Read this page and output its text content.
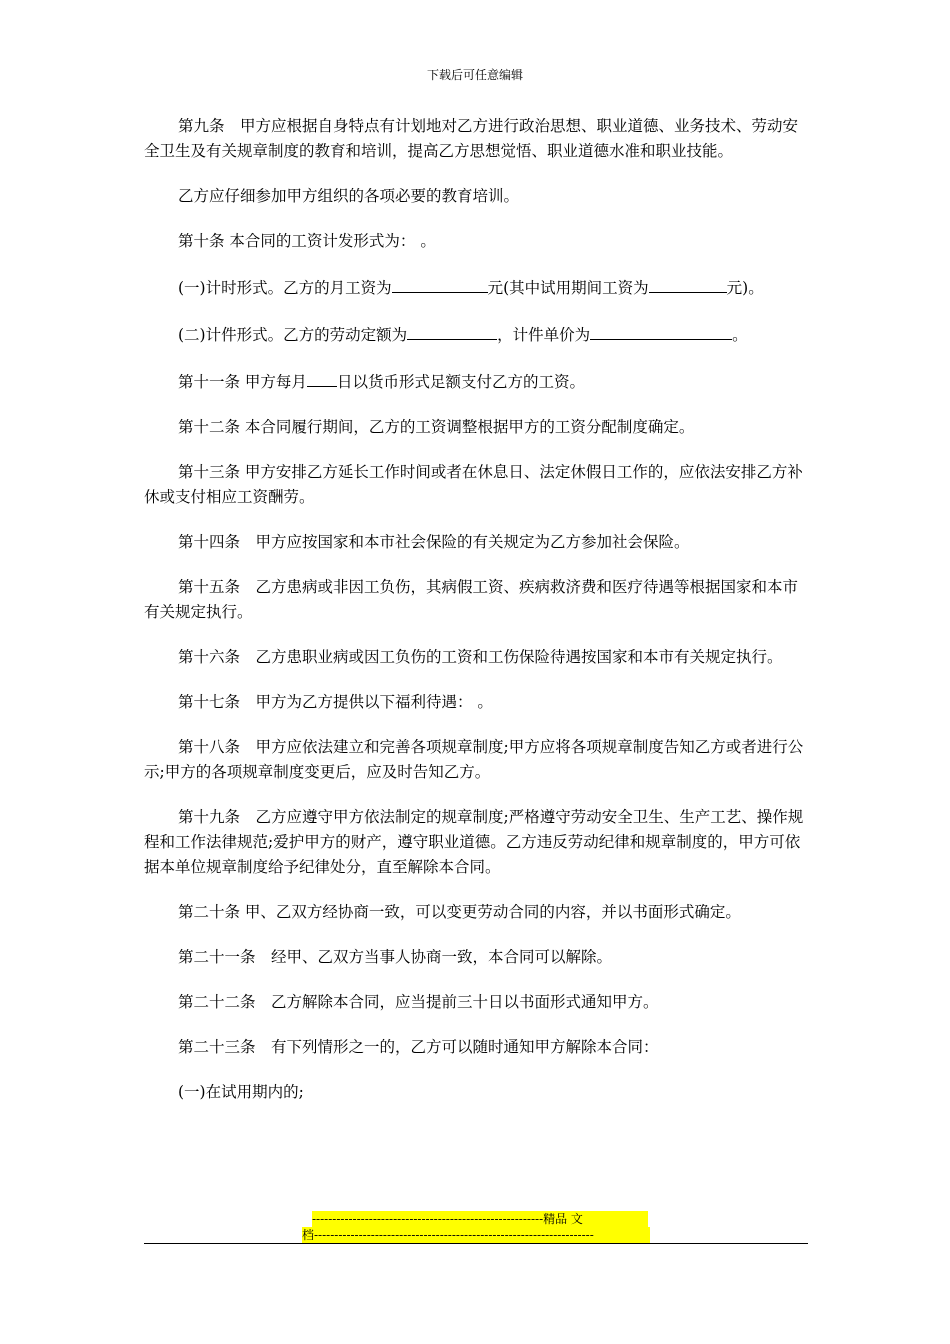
下载后可任意编辑

第九条　甲方应根据自身特点有计划地对乙方进行政治思想、职业道德、业务技术、劳动安全卫生及有关规章制度的教育和培训，提高乙方思想觉悟、职业道德水准和职业技能。

乙方应仔细参加甲方组织的各项必要的教育培训。

第十条 本合同的工资计发形式为： 。

(一)计时形式。乙方的月工资为	元(其中试用期间工资为	元)。

(二)计件形式。乙方的劳动定额为	，计件单价为	。

第十一条 甲方每月 日以货币形式足额支付乙方的工资。

第十二条 本合同履行期间，乙方的工资调整根据甲方的工资分配制度确定。

第十三条 甲方安排乙方延长工作时间或者在休息日、法定休假日工作的，应依法安排乙方补休或支付相应工资酬劳。

第十四条　甲方应按国家和本市社会保险的有关规定为乙方参加社会保险。

第十五条　乙方患病或非因工负伤，其病假工资、疾病救济费和医疗待遇等根据国家和本市有关规定执行。

第十六条　乙方患职业病或因工负伤的工资和工伤保险待遇按国家和本市有关规定执行。

第十七条　甲方为乙方提供以下福利待遇： 。

第十八条　甲方应依法建立和完善各项规章制度;甲方应将各项规章制度告知乙方或者进行公示;甲方的各项规章制度变更后，应及时告知乙方。

第十九条　乙方应遵守甲方依法制定的规章制度;严格遵守劳动安全卫生、生产工艺、操作规程和工作法律规范;爱护甲方的财产，遵守职业道德。乙方违反劳动纪律和规章制度的，甲方可依据本单位规章制度给予纪律处分，直至解除本合同。

第二十条 甲、乙双方经协商一致，可以变更劳动合同的内容，并以书面形式确定。

第二十一条　经甲、乙双方当事人协商一致，本合同可以解除。

第二十二条　乙方解除本合同，应当提前三十日以书面形式通知甲方。

第二十三条　有下列情形之一的，乙方可以随时通知甲方解除本合同：

(一)在试用期内的;

---------------------------------------------------------精品 文
档---------------------------------------------------------------------
